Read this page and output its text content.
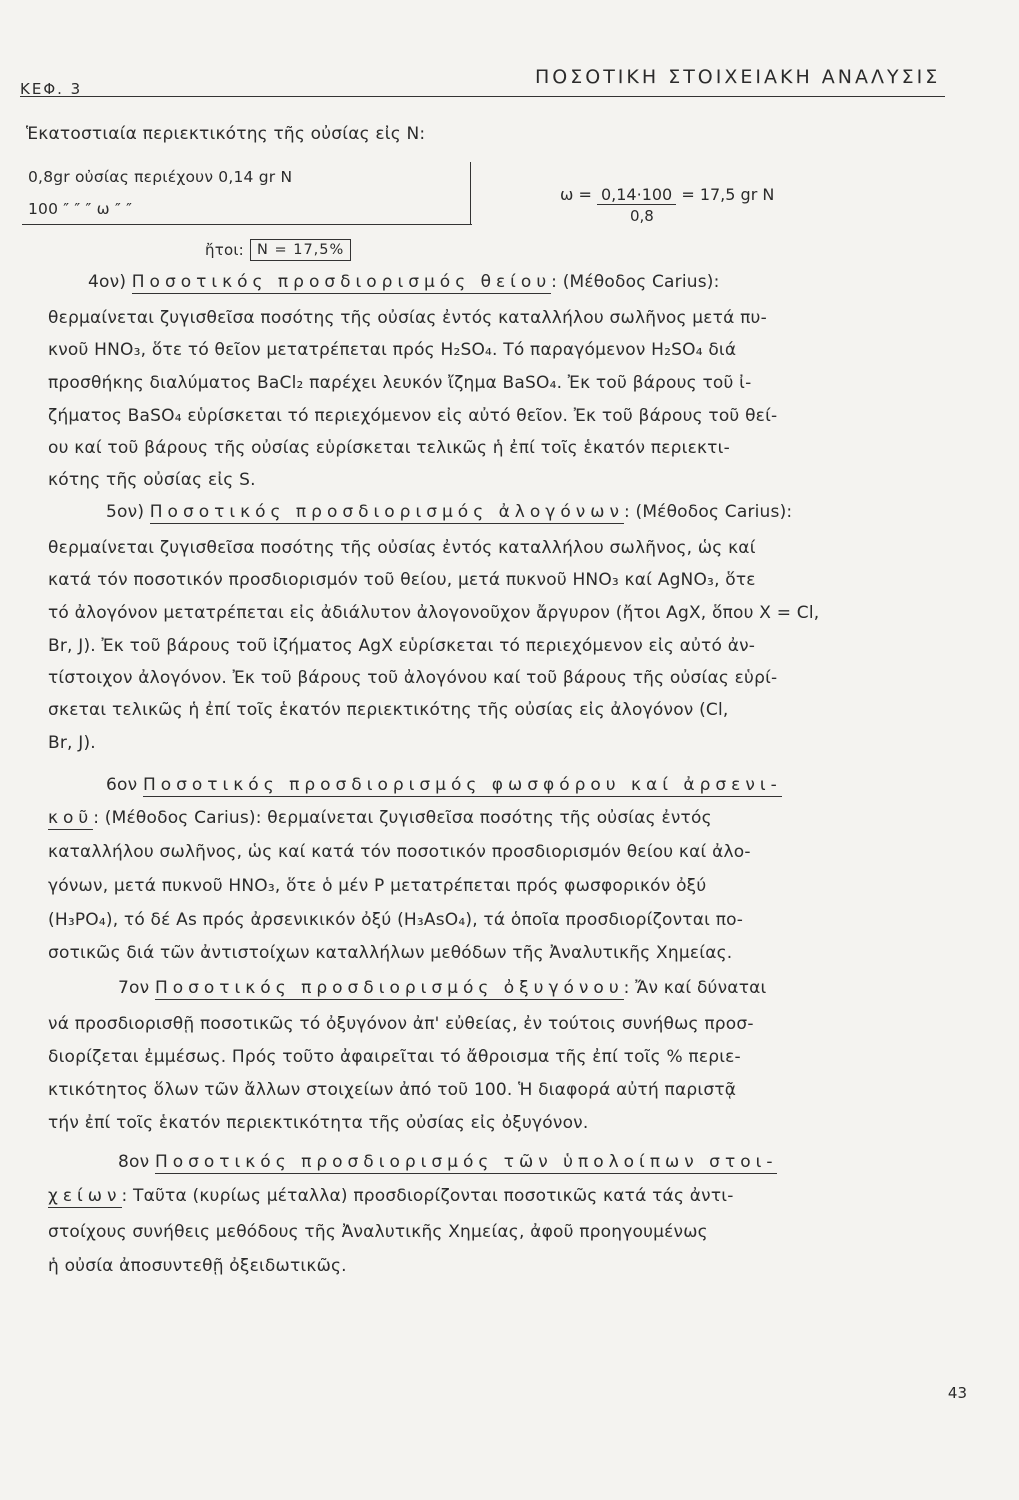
ΚΕΦ. 3
ΠΟΣΟΤΙΚΗ ΣΤΟΙΧΕΙΑΚΗ ΑΝΑΛΥΣΙΣ
Ἑκατοστιαία περιεκτικότης τῆς οὐσίας εἰς N:
0,8gr οὐσίας περιέχουν 0,14 gr N
100 ″ ″ ″ ω ″ ″
ω = 0,14·100 = 17,5 gr N
0,8
ἤτοι: N = 17,5%
4ον) Ποσοτικός προσδιορισμός θείου: (Μέθοδος Carius):
θερμαίνεται ζυγισθεῖσα ποσότης τῆς οὐσίας ἐντός καταλλήλου σωλῆνος μετά πυ-
κνοῦ HNO₃, ὅτε τό θεῖον μετατρέπεται πρός H₂SO₄. Τό παραγόμενον H₂SO₄ διά
προσθήκης διαλύματος BaCl₂ παρέχει λευκόν ἴζημα BaSO₄. Ἐκ τοῦ βάρους τοῦ ἰ-
ζήματος BaSO₄ εὑρίσκεται τό περιεχόμενον εἰς αὐτό θεῖον. Ἐκ τοῦ βάρους τοῦ θεί-
ου καί τοῦ βάρους τῆς οὐσίας εὑρίσκεται τελικῶς ἡ ἐπί τοῖς ἑκατόν περιεκτι-
κότης τῆς οὐσίας εἰς S.
5ον) Ποσοτικός προσδιορισμός ἀλογόνων: (Μέθοδος Carius):
θερμαίνεται ζυγισθεῖσα ποσότης τῆς οὐσίας ἐντός καταλλήλου σωλῆνος, ὡς καί
κατά τόν ποσοτικόν προσδιορισμόν τοῦ θείου, μετά πυκνοῦ HNO₃ καί AgNO₃, ὅτε
τό ἀλογόνον μετατρέπεται εἰς ἀδιάλυτον ἀλογονοῦχον ἄργυρον (ἤτοι AgX, ὅπου X = Cl,
Br, J). Ἐκ τοῦ βάρους τοῦ ἰζήματος AgX εὑρίσκεται τό περιεχόμενον εἰς αὐτό ἀν-
τίστοιχον ἀλογόνον. Ἐκ τοῦ βάρους τοῦ ἀλογόνου καί τοῦ βάρους τῆς οὐσίας εὑρί-
σκεται τελικῶς ἡ ἐπί τοῖς ἑκατόν περιεκτικότης τῆς οὐσίας εἰς ἀλογόνον (Cl,
Br, J).
6ον Ποσοτικός προσδιορισμός φωσφόρου καί ἀρσενι-
κοῦ: (Μέθοδος Carius): θερμαίνεται ζυγισθεῖσα ποσότης τῆς οὐσίας ἐντός
καταλλήλου σωλῆνος, ὡς καί κατά τόν ποσοτικόν προσδιορισμόν θείου καί ἀλο-
γόνων, μετά πυκνοῦ HNO₃, ὅτε ὁ μέν P μετατρέπεται πρός φωσφορικόν ὀξύ
(H₃PO₄), τό δέ As πρός ἀρσενικικόν ὀξύ (H₃AsO₄), τά ὁποῖα προσδιορίζονται πο-
σοτικῶς διά τῶν ἀντιστοίχων καταλλήλων μεθόδων τῆς Ἀναλυτικῆς Χημείας.
7ον Ποσοτικός προσδιορισμός ὀξυγόνου: Ἄν καί δύναται
νά προσδιορισθῇ ποσοτικῶς τό ὀξυγόνον ἀπ' εὐθείας, ἐν τούτοις συνήθως προσ-
διορίζεται ἐμμέσως. Πρός τοῦτο ἀφαιρεῖται τό ἄθροισμα τῆς ἐπί τοῖς % περιε-
κτικότητος ὅλων τῶν ἄλλων στοιχείων ἀπό τοῦ 100. Ἡ διαφορά αὐτή παριστᾷ
τήν ἐπί τοῖς ἑκατόν περιεκτικότητα τῆς οὐσίας εἰς ὀξυγόνον.
8ον Ποσοτικός προσδιορισμός τῶν ὑπολοίπων στοι-
χείων: Ταῦτα (κυρίως μέταλλα) προσδιορίζονται ποσοτικῶς κατά τάς ἀντι-
στοίχους συνήθεις μεθόδους τῆς Ἀναλυτικῆς Χημείας, ἀφοῦ προηγουμένως
ἡ οὐσία ἀποσυντεθῇ ὀξειδωτικῶς.
43
